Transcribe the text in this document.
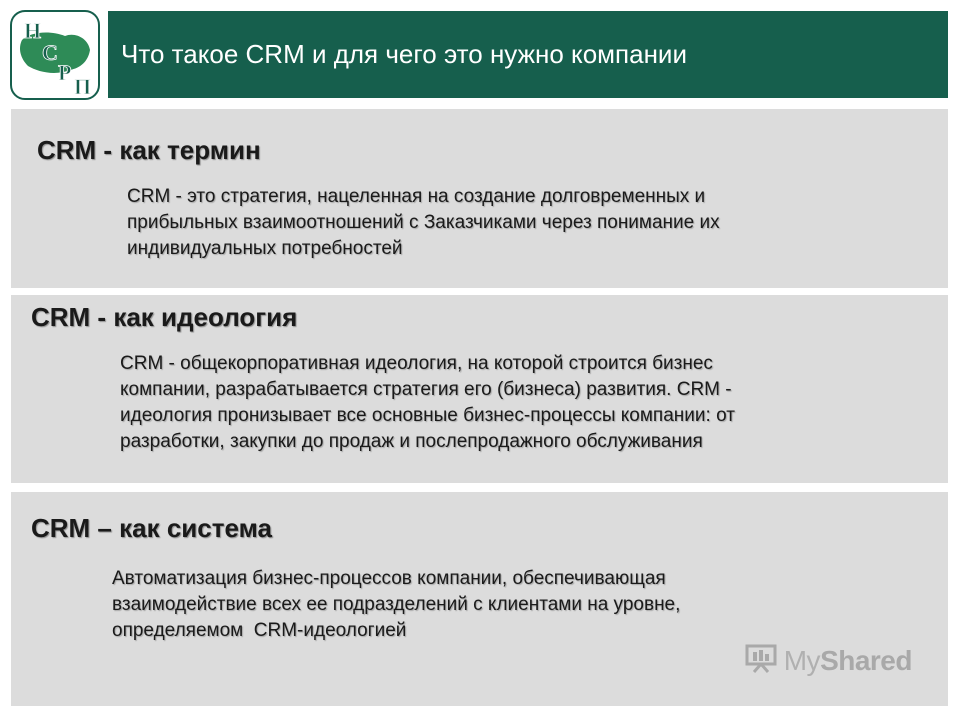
Н
С
Р
П
Что такое CRM и для чего это нужно компании
CRM - как термин
CRM - это стратегия, нацеленная на создание долговременных и
прибыльных взаимоотношений с Заказчиками через понимание их
индивидуальных потребностей
CRM - как идеология
CRM - общекорпоративная идеология, на которой строится бизнес
компании, разрабатывается стратегия его (бизнеса) развития. CRM -
идеология пронизывает все основные бизнес-процессы компании: от
разработки, закупки до продаж и послепродажного обслуживания
CRM – как система
Автоматизация бизнес-процессов компании, обеспечивающая
взаимодействие всех ее подразделений с клиентами на уровне,
определяемом  CRM-идеологией
MyShared
